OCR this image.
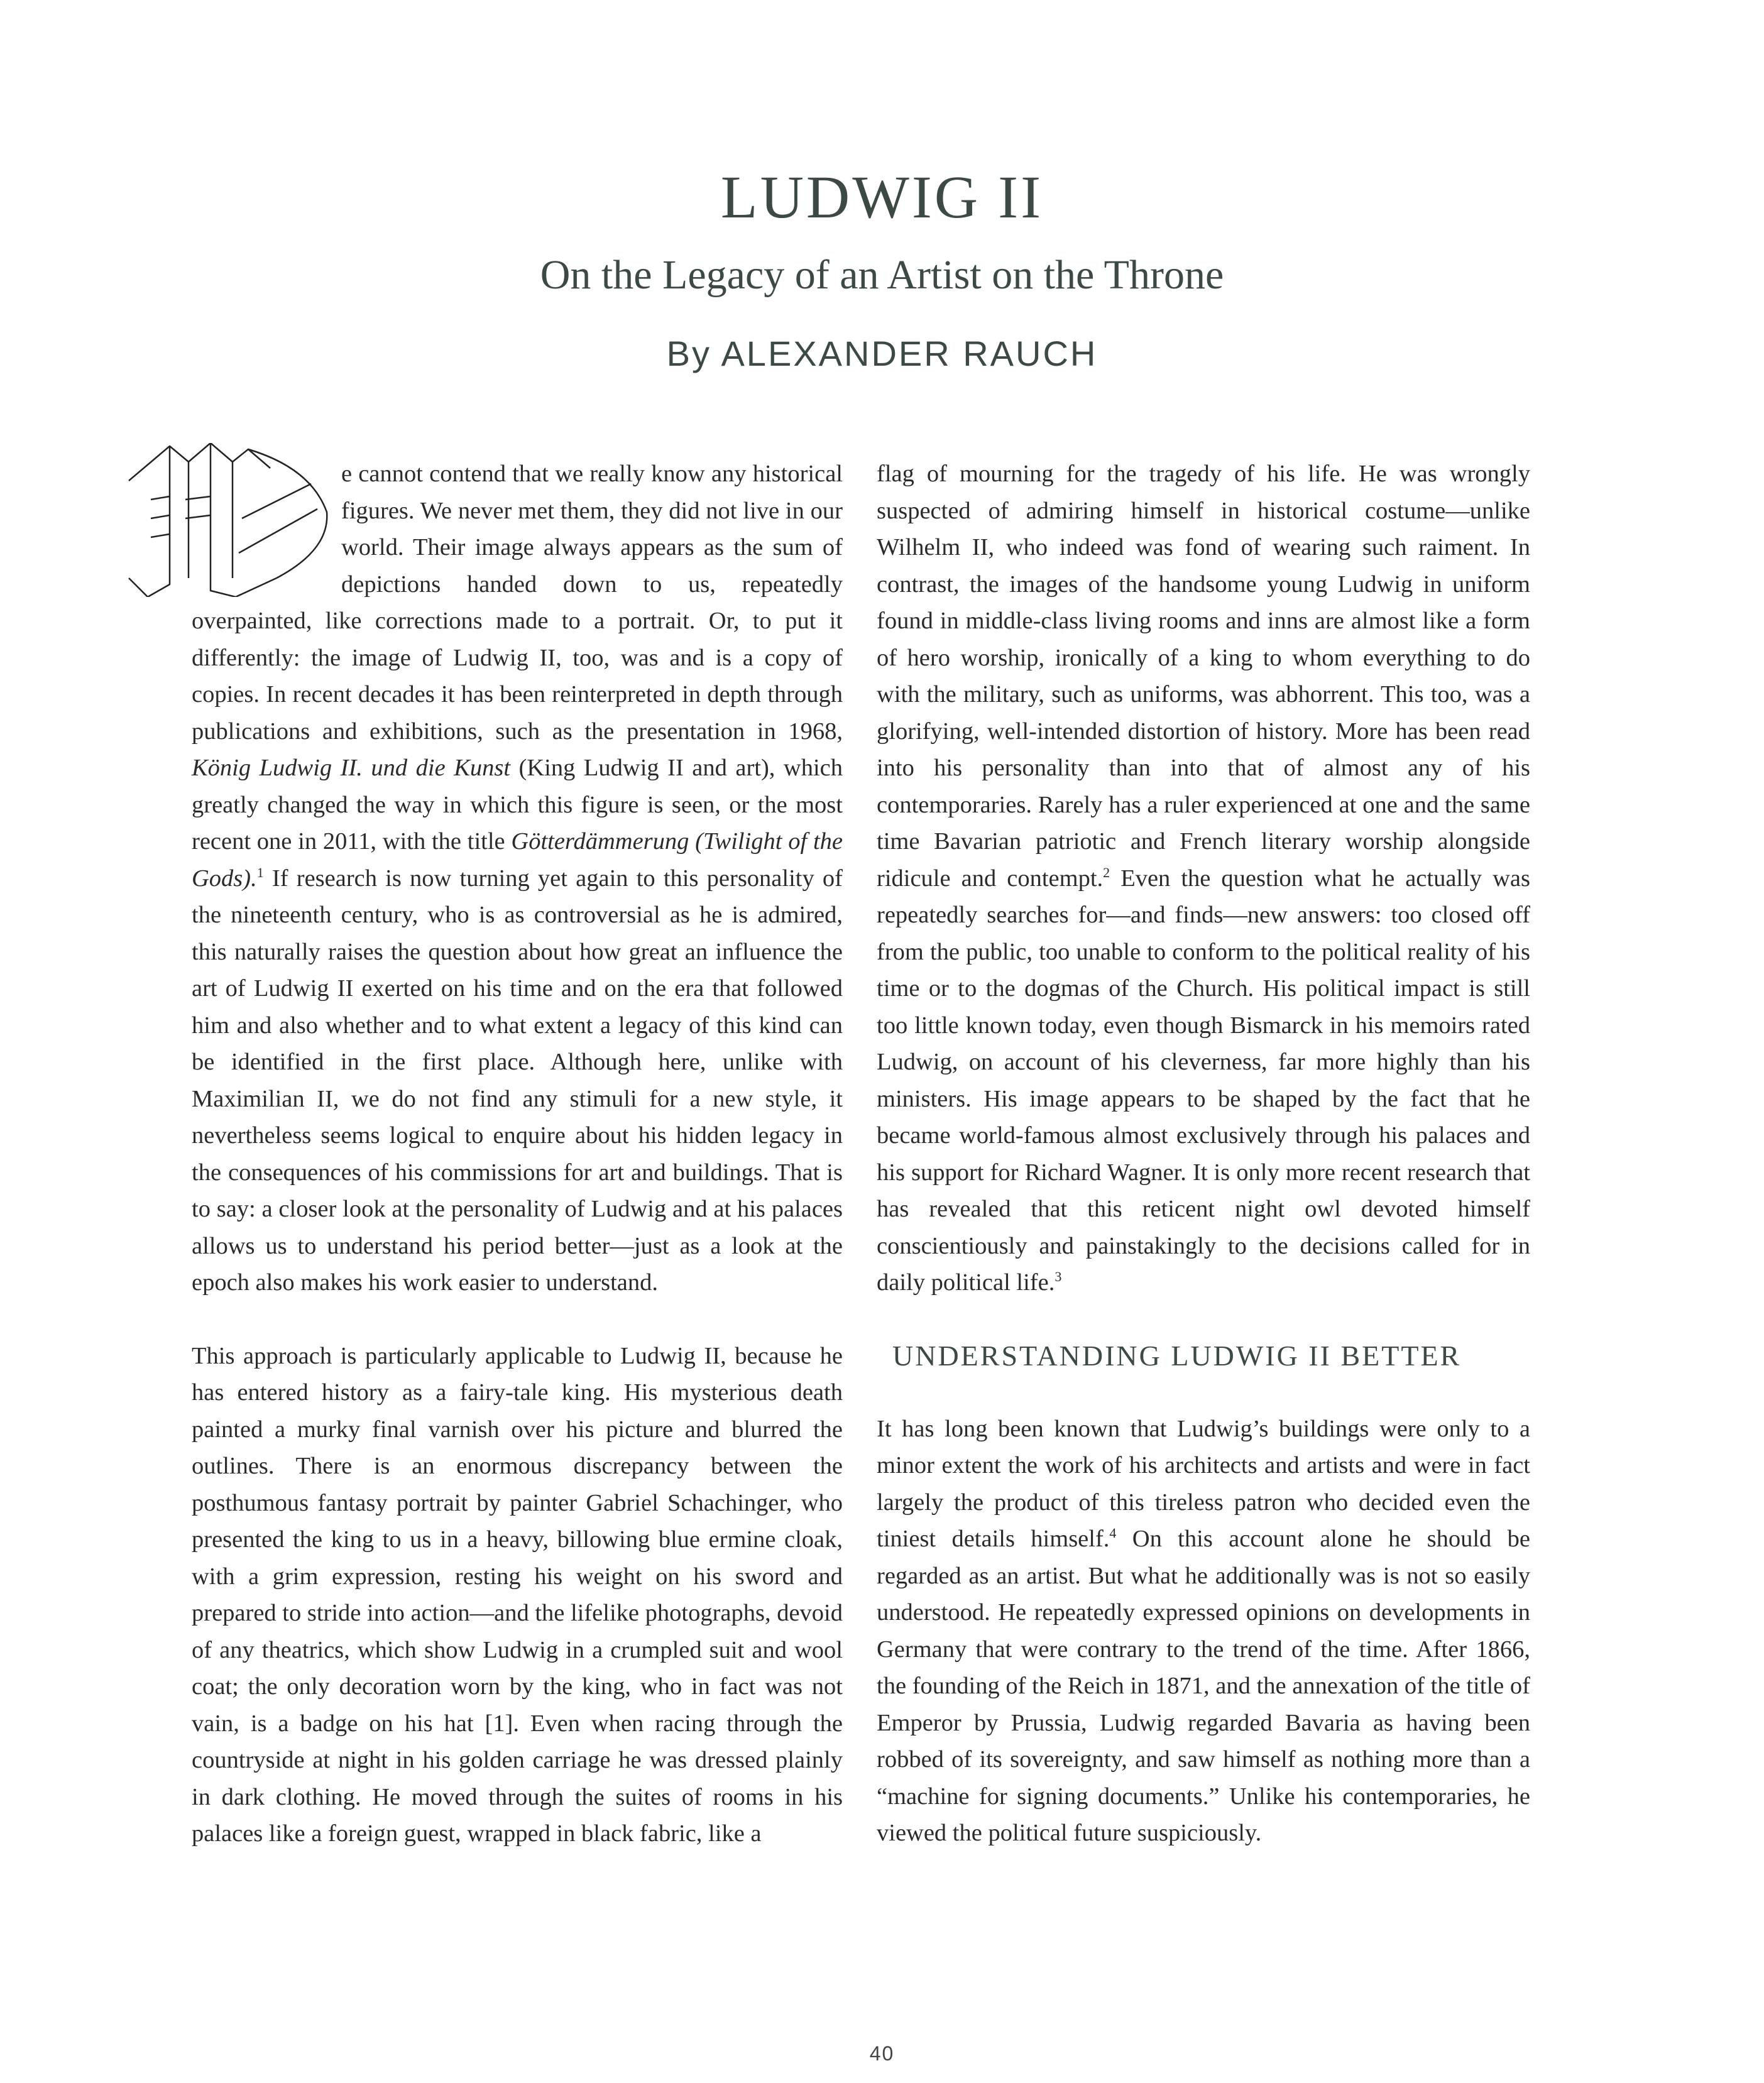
LUDWIG II
On the Legacy of an Artist on the Throne
By ALEXANDER RAUCH
W

e cannot contend that we really know any historical figures. We never met them, they did not live in our world. Their image always appears as the sum of depictions handed down to us, repeatedly overpainted, like corrections made to a portrait. Or, to put it differently: the image of Ludwig II, too, was and is a copy of copies. In recent decades it has been reinterpreted in depth through publications and exhibitions, such as the presentation in 1968, König Ludwig II. und die Kunst (King Ludwig II and art), which greatly changed the way in which this figure is seen, or the most recent one in 2011, with the title Götterdämmerung (Twilight of the Gods).$^1$ If research is now turning yet again to this personality of the nineteenth century, who is as controversial as he is admired, this naturally raises the question about how great an influence the art of Ludwig II exerted on his time and on the era that followed him and also whether and to what extent a legacy of this kind can be identified in the first place. Although here, unlike with Maximilian II, we do not find any stimuli for a new style, it nevertheless seems logical to enquire about his hidden legacy in the consequences of his commissions for art and buildings. That is to say: a closer look at the personality of Ludwig and at his palaces allows us to understand his period better—just as a look at the epoch also makes his work easier to understand.

This approach is particularly applicable to Ludwig II, because he has entered history as a fairy-tale king. His mysterious death painted a murky final varnish over his picture and blurred the outlines. There is an enormous discrepancy between the posthumous fantasy portrait by painter Gabriel Schachinger, who presented the king to us in a heavy, billowing blue ermine cloak, with a grim expression, resting his weight on his sword and prepared to stride into action—and the lifelike photographs, devoid of any theatrics, which show Ludwig in a crumpled suit and wool coat; the only decoration worn by the king, who in fact was not vain, is a badge on his hat [1]. Even when racing through the countryside at night in his golden carriage he was dressed plainly in dark clothing. He moved through the suites of rooms in his palaces like a foreign guest, wrapped in black fabric, like a

flag of mourning for the tragedy of his life. He was wrongly suspected of admiring himself in historical costume—unlike Wilhelm II, who indeed was fond of wearing such raiment. In contrast, the images of the handsome young Ludwig in uniform found in middle-class living rooms and inns are almost like a form of hero worship, ironically of a king to whom everything to do with the military, such as uniforms, was abhorrent. This too, was a glorifying, well-intended distortion of history. More has been read into his personality than into that of almost any of his contemporaries. Rarely has a ruler experienced at one and the same time Bavarian patriotic and French literary worship alongside ridicule and contempt.$^2$ Even the question what he actually was repeatedly searches for—and finds—new answers: too closed off from the public, too unable to conform to the political reality of his time or to the dogmas of the Church. His political impact is still too little known today, even though Bismarck in his memoirs rated Ludwig, on account of his cleverness, far more highly than his ministers. His image appears to be shaped by the fact that he became world-famous almost exclusively through his palaces and his support for Richard Wagner. It is only more recent research that has revealed that this reticent night owl devoted himself conscientiously and painstakingly to the decisions called for in daily political life.$^3$

UNDERSTANDING LUDWIG II BETTER

It has long been known that Ludwig’s buildings were only to a minor extent the work of his architects and artists and were in fact largely the product of this tireless patron who decided even the tiniest details himself.$^4$ On this account alone he should be regarded as an artist. But what he additionally was is not so easily understood. He repeatedly expressed opinions on developments in Germany that were contrary to the trend of the time. After 1866, the founding of the Reich in 1871, and the annexation of the title of Emperor by Prussia, Ludwig regarded Bavaria as having been robbed of its sovereignty, and saw himself as nothing more than a “machine for signing documents.” Unlike his contemporaries, he viewed the political future suspiciously.

40
